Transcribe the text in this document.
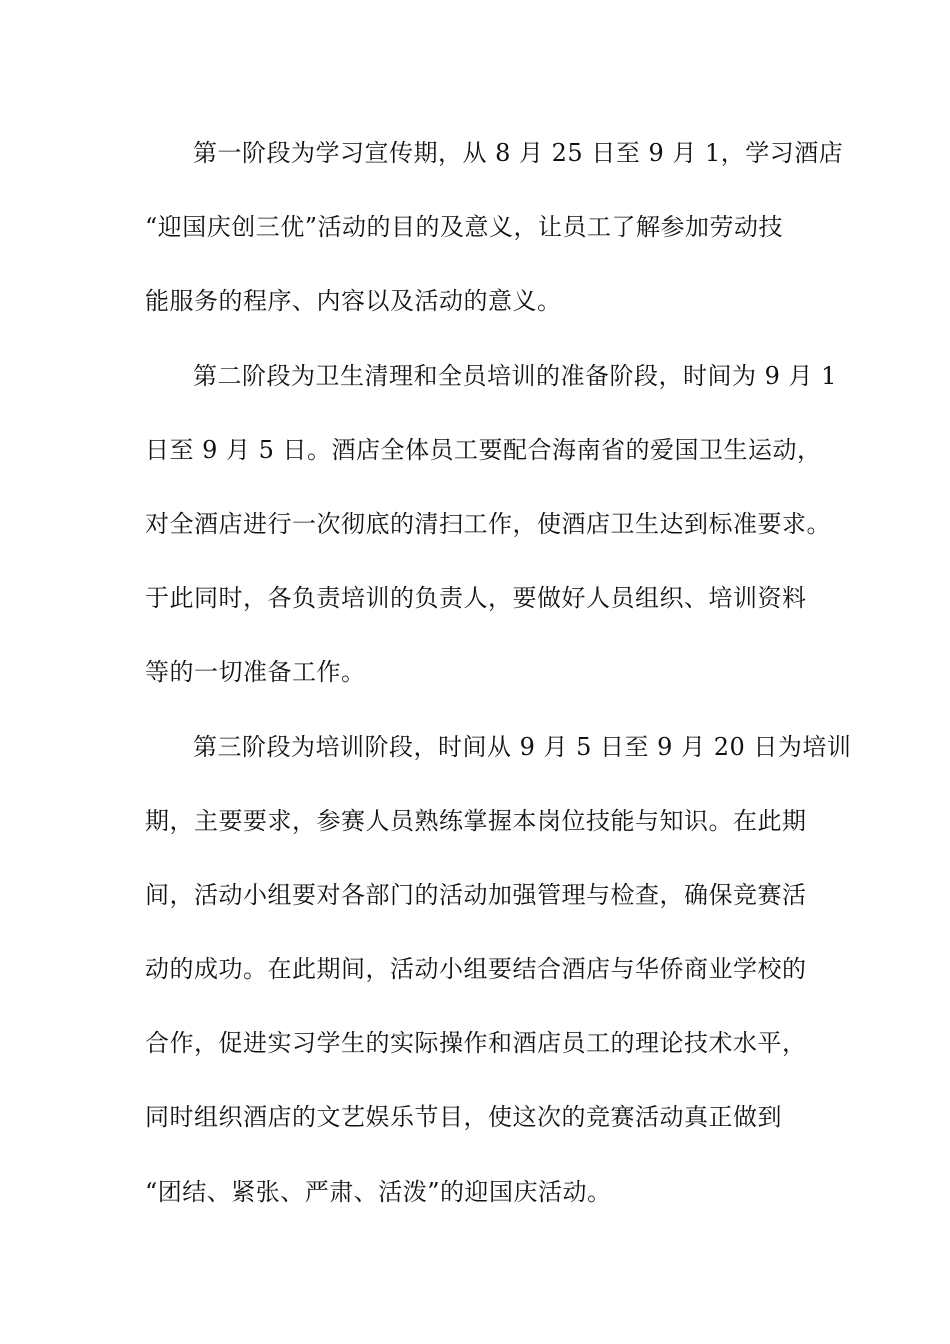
第一阶段为学习宣传期，从 8 月 25 日至 9 月 1，学习酒店
“迎国庆创三优”活动的目的及意义，让员工了解参加劳动技
能服务的程序、内容以及活动的意义。
第二阶段为卫生清理和全员培训的准备阶段，时间为 9 月 1
日至 9 月 5 日。酒店全体员工要配合海南省的爱国卫生运动，
对全酒店进行一次彻底的清扫工作，使酒店卫生达到标准要求。
于此同时，各负责培训的负责人，要做好人员组织、培训资料
等的一切准备工作。
第三阶段为培训阶段，时间从 9 月 5 日至 9 月 20 日为培训
期，主要要求，参赛人员熟练掌握本岗位技能与知识。在此期
间，活动小组要对各部门的活动加强管理与检查，确保竞赛活
动的成功。在此期间，活动小组要结合酒店与华侨商业学校的
合作，促进实习学生的实际操作和酒店员工的理论技术水平，
同时组织酒店的文艺娱乐节目，使这次的竞赛活动真正做到
“团结、紧张、严肃、活泼”的迎国庆活动。
